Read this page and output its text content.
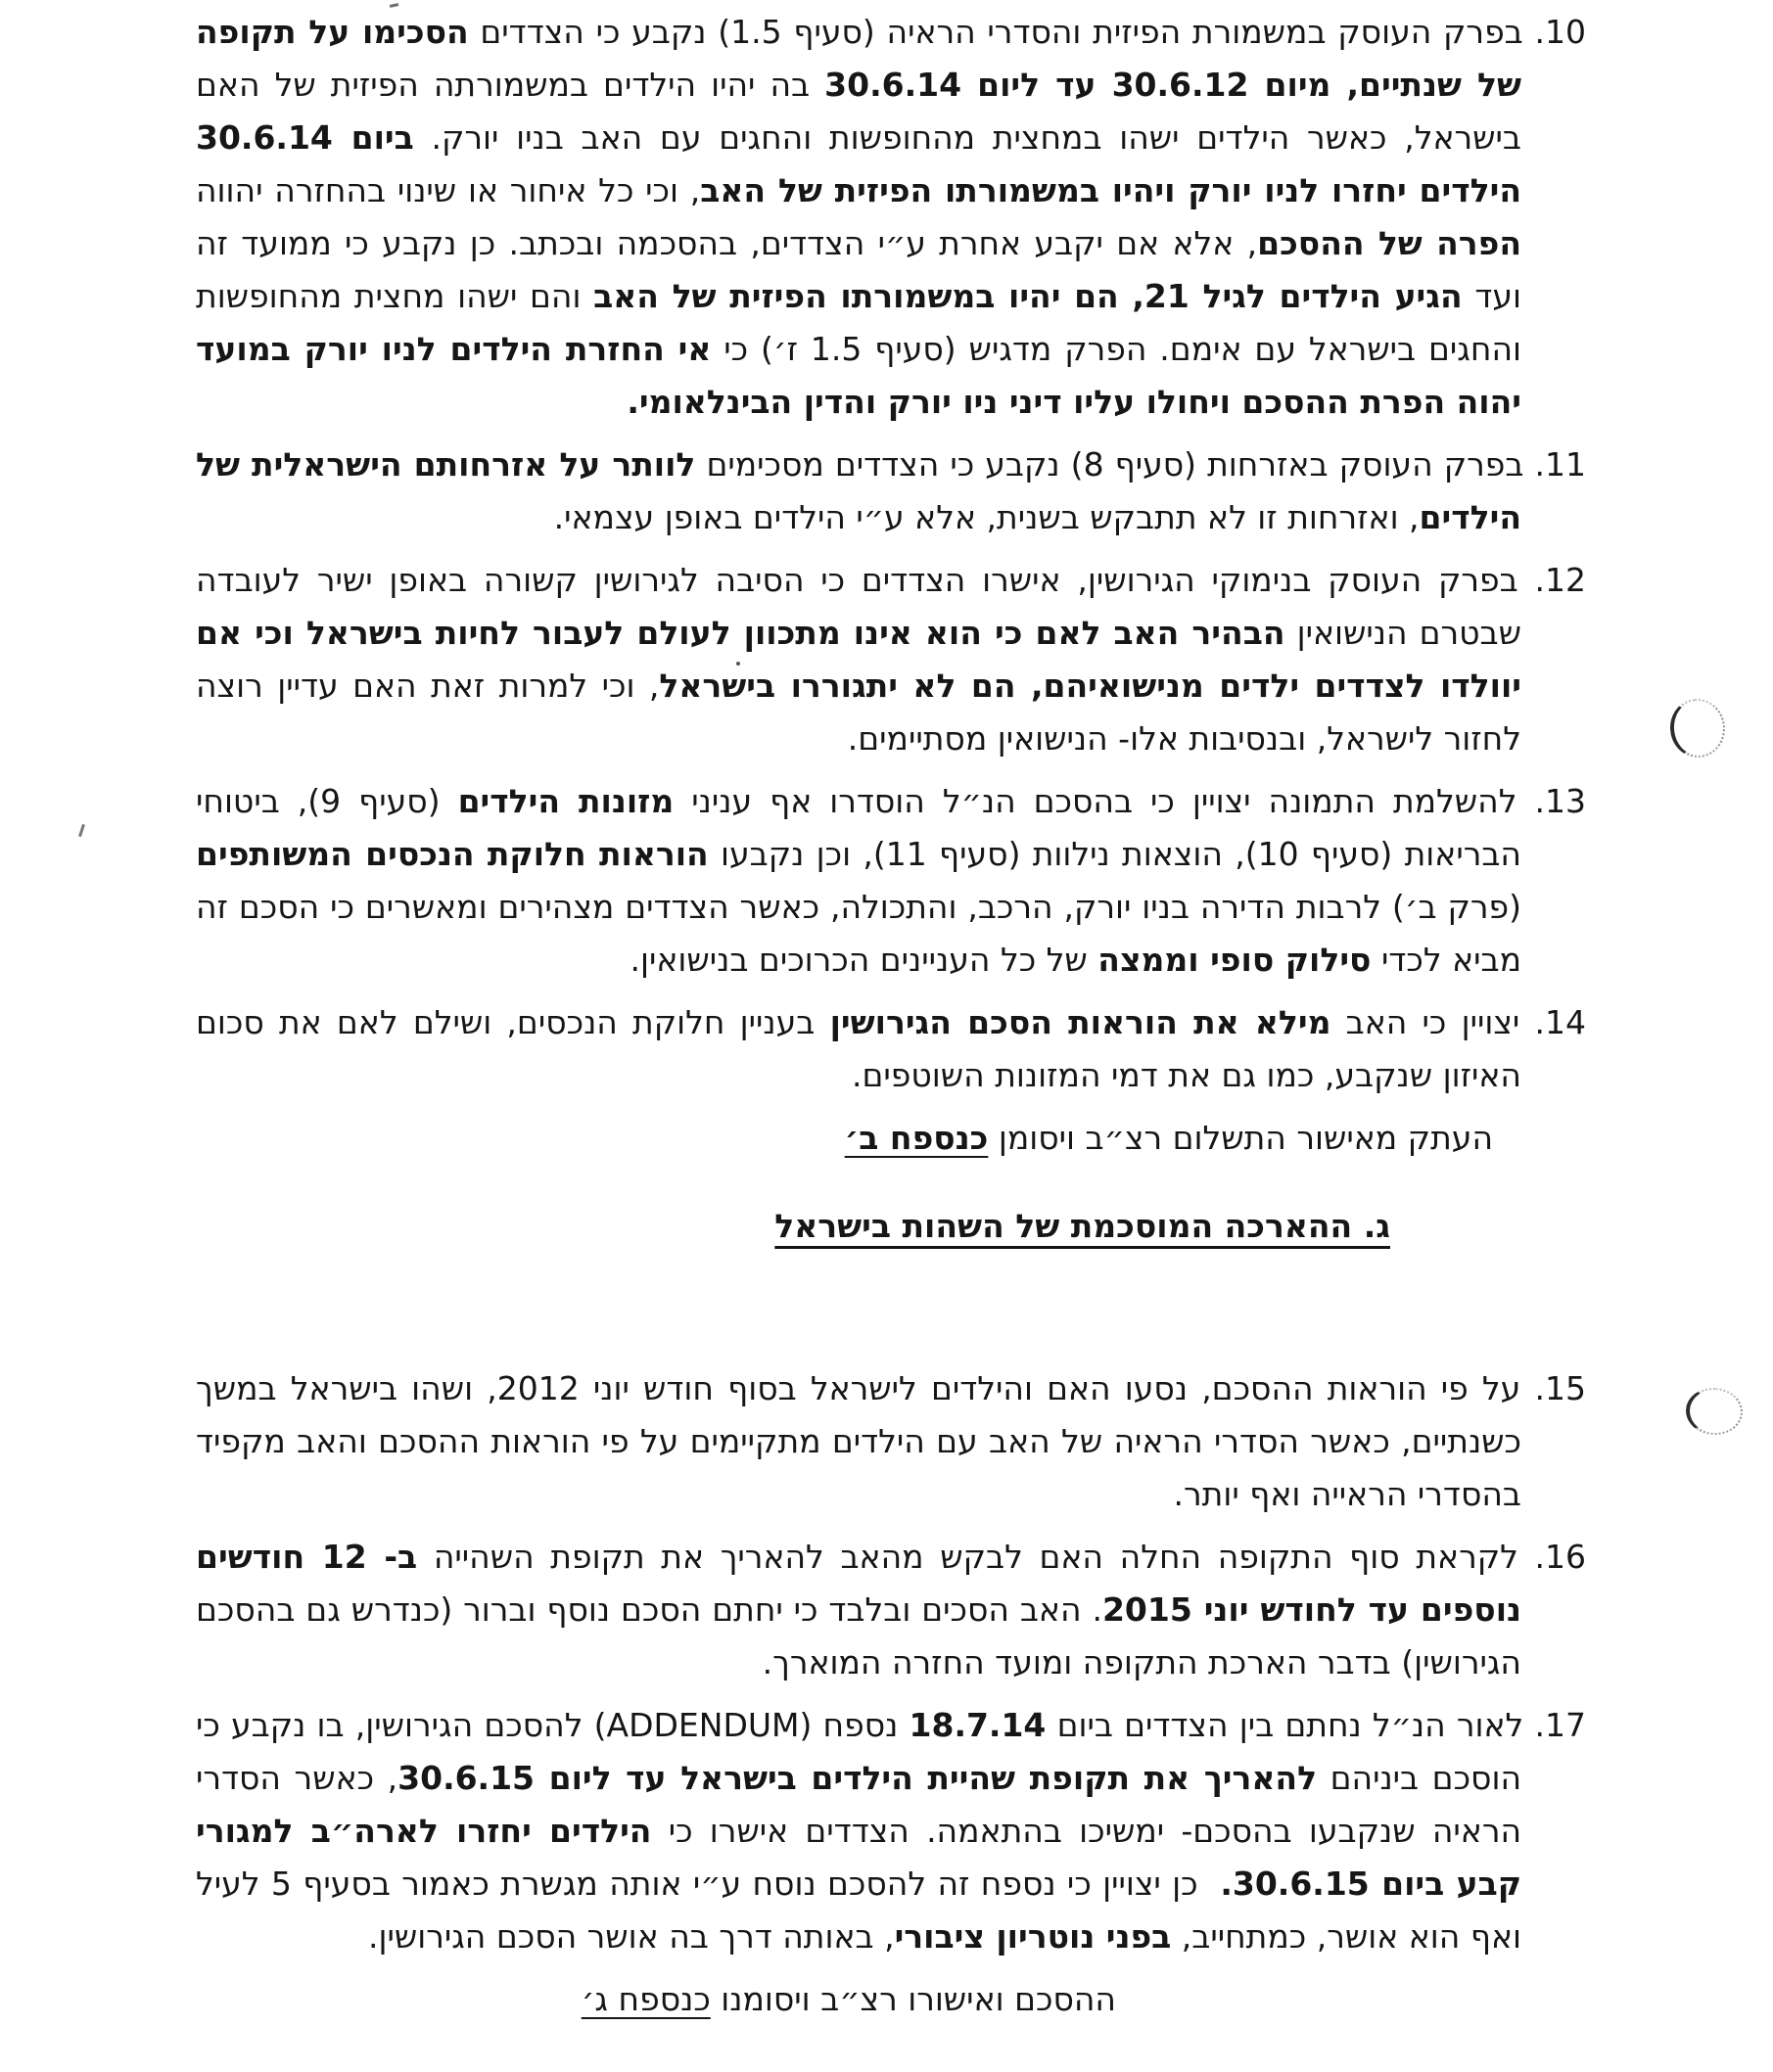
10. בפרק העוסק במשמורת הפיזית והסדרי הראיה (סעיף 1.5) נקבע כי הצדדים הסכימו על תקופה של שנתיים, מיום 30.6.12 עד ליום 30.6.14 בה יהיו הילדים במשמורתה הפיזית של האם בישראל, כאשר הילדים ישהו במחצית מהחופשות והחגים עם האב בניו יורק. ביום 30.6.14 הילדים יחזרו לניו יורק ויהיו במשמורתו הפיזית של האב, וכי כל איחור או שינוי בהחזרה יהווה הפרה של ההסכם, אלא אם יקבע אחרת ע״י הצדדים, בהסכמה ובכתב. כן נקבע כי ממועד זה ועד הגיע הילדים לגיל 21, הם יהיו במשמורתו הפיזית של האב והם ישהו מחצית מהחופשות והחגים בישראל עם אימם. הפרק מדגיש (סעיף 1.5 ז׳) כי אי החזרת הילדים לניו יורק במועד יהוה הפרת ההסכם ויחולו עליו דיני ניו יורק והדין הבינלאומי.
11. בפרק העוסק באזרחות (סעיף 8) נקבע כי הצדדים מסכימים לוותר על אזרחותם הישראלית של הילדים, ואזרחות זו לא תתבקש בשנית, אלא ע״י הילדים באופן עצמאי.
12. בפרק העוסק בנימוקי הגירושין, אישרו הצדדים כי הסיבה לגירושין קשורה באופן ישיר לעובדה שבטרם הנישואין הבהיר האב לאם כי הוא אינו מתכוון לעולם לעבור לחיות בישראל וכי אם יוולדו לצדדים ילדים מנישואיהם, הם לא יתגוררו בישראל, וכי למרות זאת האם עדיין רוצה לחזור לישראל, ובנסיבות אלו- הנישואין מסתיימים.
13. להשלמת התמונה יצויין כי בהסכם הנ״ל הוסדרו אף עניני מזונות הילדים (סעיף 9), ביטוחי הבריאות (סעיף 10), הוצאות נילוות (סעיף 11), וכן נקבעו הוראות חלוקת הנכסים המשותפים (פרק ב׳) לרבות הדירה בניו יורק, הרכב, והתכולה, כאשר הצדדים מצהירים ומאשרים כי הסכם זה מביא לכדי סילוק סופי וממצה של כל העניינים הכרוכים בנישואין.
14. יצויין כי האב מילא את הוראות הסכם הגירושין בעניין חלוקת הנכסים, ושילם לאם את סכום האיזון שנקבע, כמו גם את דמי המזונות השוטפים.
העתק מאישור התשלום רצ״ב ויסומן כנספח ב׳
ג. ההארכה המוסכמת של השהות בישראל
15. על פי הוראות ההסכם, נסעו האם והילדים לישראל בסוף חודש יוני 2012, ושהו בישראל במשך כשנתיים, כאשר הסדרי הראיה של האב עם הילדים מתקיימים על פי הוראות ההסכם והאב מקפיד בהסדרי הראייה ואף יותר.
16. לקראת סוף התקופה החלה האם לבקש מהאב להאריך את תקופת השהייה ב- 12 חודשים נוספים עד לחודש יוני 2015. האב הסכים ובלבד כי יחתם הסכם נוסף וברור (כנדרש גם בהסכם הגירושין) בדבר הארכת התקופה ומועד החזרה המוארך.
17. לאור הנ״ל נחתם בין הצדדים ביום 18.7.14 נספח (ADDENDUM) להסכם הגירושין, בו נקבע כי הוסכם ביניהם להאריך את תקופת שהיית הילדים בישראל עד ליום 30.6.15, כאשר הסדרי הראיה שנקבעו בהסכם- ימשיכו בהתאמה. הצדדים אישרו כי הילדים יחזרו לארה״ב למגורי קבע ביום 30.6.15.  כן יצויין כי נספח זה להסכם נוסח ע״י אותה מגשרת כאמור בסעיף 5 לעיל ואף הוא אושר, כמתחייב, בפני נוטריון ציבורי, באותה דרך בה אושר הסכם הגירושין.
ההסכם ואישורו רצ״ב ויסומנו כנספח ג׳
